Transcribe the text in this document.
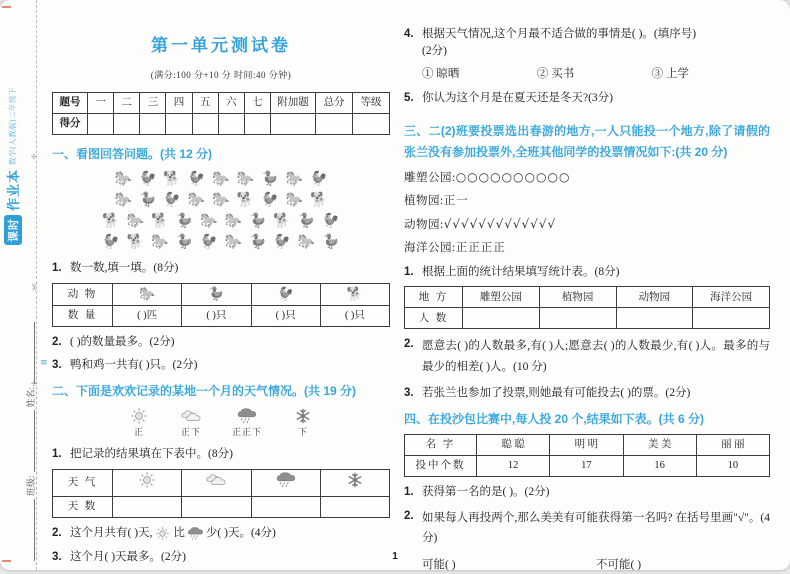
✣
✂
✣
≡
课时
作业本
数学(人教版)二年级下
班级:
姓名:
第一单元测试卷
(满分:100 分+10 分 时间:40 分钟)
题号	一	二	三	四	五	六	七	附加题	总分	等级
得分										
一、看图回答问题。(共 12 分)
🐎 🐓 🐕 🐓 🐎 🐎 🦆 🐎 🐓
🐎 🦆 🐓 🐎 🐎 🐕 🐓 🐎 🐕
🐕 🐎 🐕 🦆 🐎 🐎 🦆 🐕 🦆 🐓
🐓 🐕 🐎 🦆 🐓 🐎 🦆 🐓 🐎 🦆
1. 数一数,填一填。(8分)
动 物	🐎	🦆	🐓	🐕
数 量	( )匹	( )只	( )只	( )只
2. ( )的数量最多。(2分)
3. 鸭和鸡一共有( )只。(2分)
二、下面是欢欢记录的某地一个月的天气情况。(共 19 分)
正	正下	正正下	下
1. 把记录的结果填在下表中。(8分)
天 气	

天 数				
2. 这个月共有( )天, 比 少( )天。(4分)
3. 这个月( )天最多。(2分)
4. 根据天气情况,这个月最不适合做的事情是( )。(填序号)
(2分)
① 晾晒	② 买书	③ 上学
5. 你认为这个月是在夏天还是冬天?(3分)
三、二(2)班要投票选出春游的地方,一人只能投一个地方,除了请假的张兰没有参加投票外,全班其他同学的投票情况如下:(共 20 分)
雕塑公园: ○○○○○○○○○○
植物园: 正一
动物园: √√√√√√√√√√√√√
海洋公园: 正正正正
1. 根据上面的统计结果填写统计表。(8分)
地 方	雕塑公园	植物园	动物园	海洋公园
人 数				
2. 愿意去( )的人数最多,有( )人;愿意去( )的人数最少,有( )人。最多的与最少的相差( )人。(10 分)
3. 若张兰也参加了投票,则她最有可能投去( )的票。(2分)
四、在投沙包比赛中,每人投 20 个,结果如下表。(共 6 分)
名 字	聪 聪	明 明	美 美	丽 丽
投中个数	12	17	16	10
1. 获得第一名的是( )。(2分)
2. 如果每人再投两个,那么美美有可能获得第一名吗? 在括号里画"√"。(4分)
可能( )	不可能( )
1
